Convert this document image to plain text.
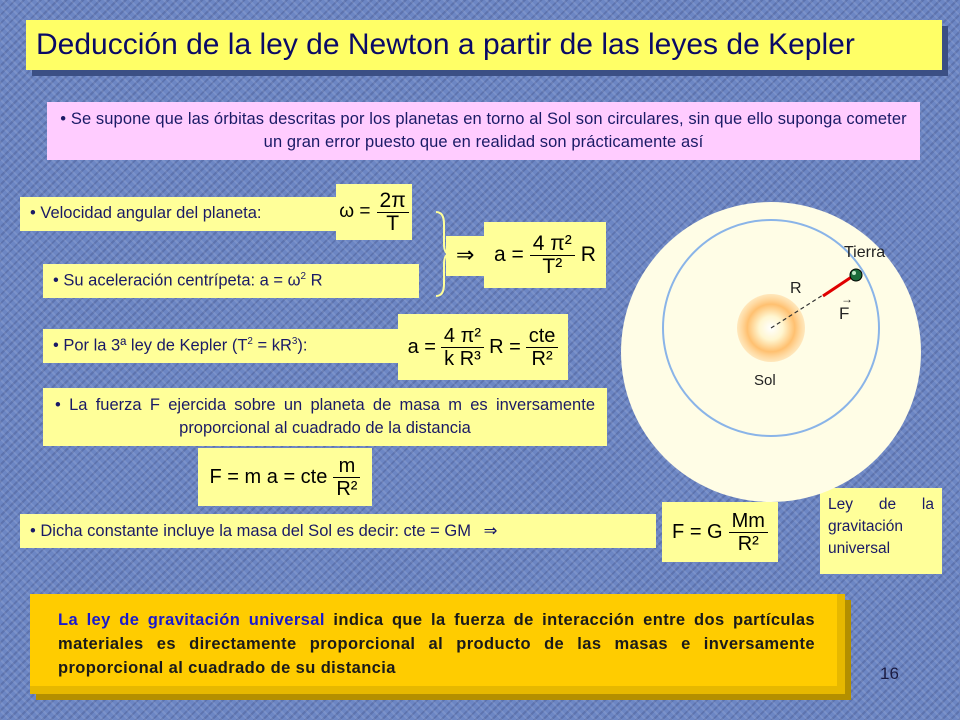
Deducción de la ley de Newton a partir de las leyes de Kepler
• Se supone que las órbitas descritas por los planetas en torno al Sol son circulares, sin que ello suponga cometer un gran error puesto que en realidad son prácticamente así
• Velocidad angular del planeta:	$\omega = \frac{2\pi}{T}$
⇒ $a = \frac{\text{4 π²}}{\text{T²}}$ R
• Su aceleración centrípeta: $a = \omega^2$ R
• Por la 3ª ley de Kepler $(T^2 = kR^3)$:	$a = \frac{\text{4 π²}}{\text{k R³}}$ $R = \frac{\text{cte}}{\text{R²}}$
• La fuerza F ejercida sobre un planeta de masa m es inversamente proporcional al cuadrado de la distancia
F = m a = cte $\frac{m}{\text{R²}}$
• Dicha constante incluye la masa del Sol es decir: cte = GM ⇒	F = G $\frac{Mm}{\text{R²}}$
Ley de la gravitación universal
Tierra
R
→
F
Sol
La ley de gravitación universal indica que la fuerza de interacción entre dos partículas materiales es directamente proporcional al producto de las masas e inversamente proporcional al cuadrado de su distancia	16
